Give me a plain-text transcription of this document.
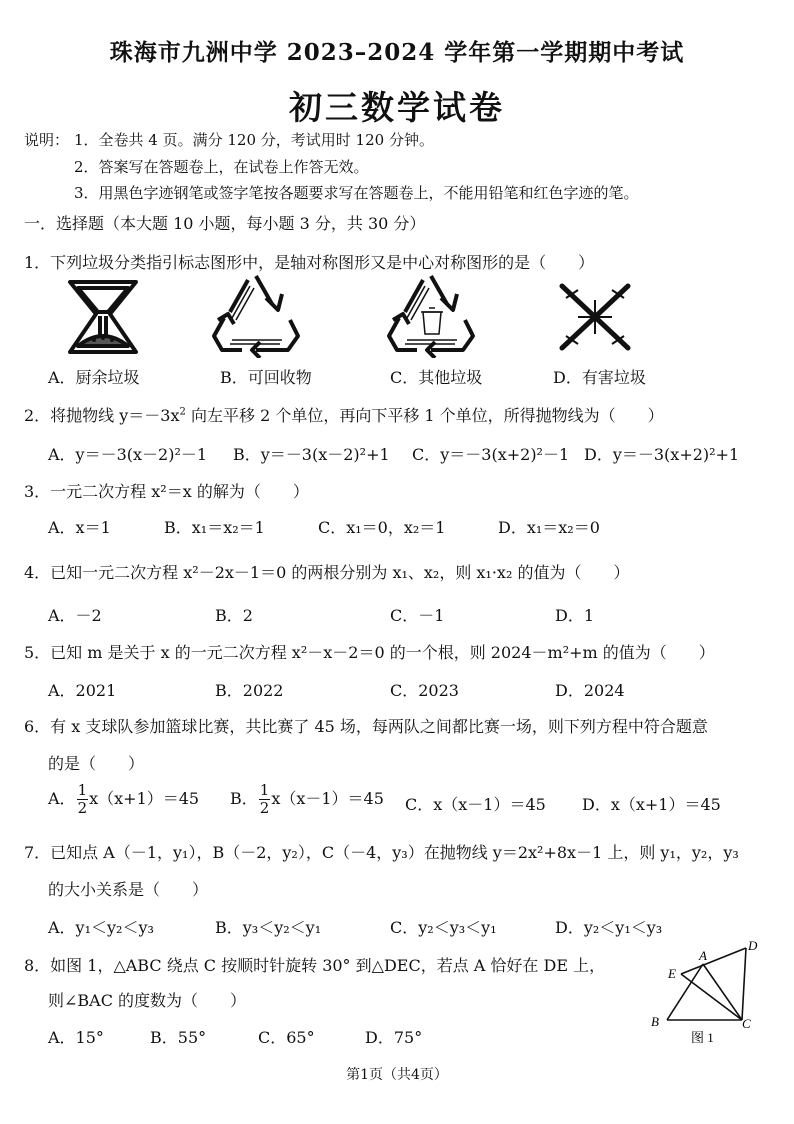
珠海市九洲中学 2023–2024 学年第一学期期中考试
初三数学试卷
说明： 1．全卷共 4 页。满分 120 分，考试用时 120 分钟。
2．答案写在答题卷上，在试卷上作答无效。
3．用黑色字迹钢笔或签字笔按各题要求写在答题卷上，不能用铅笔和红色字迹的笔。
一．选择题（本大题 10 小题，每小题 3 分，共 30 分）
1．下列垃圾分类指引标志图形中，是轴对称图形又是中心对称图形的是（　　）
A．厨余垃圾	B．可回收物	C．其他垃圾	D．有害垃圾
2．将抛物线 $y=-3x^2$ 向左平移 2 个单位，再向下平移 1 个单位，所得抛物线为（　　）
A．y＝－3(x－2)²－1 B．y＝－3(x－2)²+1 C．y＝－3(x+2)²－1 D．y＝－3(x+2)²+1
3．一元二次方程 x²＝x 的解为（　　）
A．x＝1	B．x₁＝x₂＝1	C．x₁＝0，x₂＝1	D．x₁＝x₂＝0
4．已知一元二次方程 x²－2x－1＝0 的两根分别为 x₁、x₂，则 x₁·x₂ 的值为（　　）
A．－2	B．2	C．－1	D．1
5．已知 m 是关于 x 的一元二次方程 x²－x－2＝0 的一个根，则 2024－m²+m 的值为（　　）
A．2021	B．2022	C．2023	D．2024
6．有 x 支球队参加篮球比赛，共比赛了 45 场，每两队之间都比赛一场，则下列方程中符合题意
的是（　　）
A． $\frac{1}{2} x(x+1)=45$ B． $\frac{1}{2} x(x-1)=45$ C．x（x－1）＝45 D．x（x+1）＝45
7．已知点 A（－1，y₁），B（－2，y₂），C（－4，y₃）在抛物线 y＝2x²+8x－1 上，则 y₁，y₂，y₃
的大小关系是（　　）
A．y₁＜y₂＜y₃	B．y₃＜y₂＜y₁	C．y₂＜y₃＜y₁	D．y₂＜y₁＜y₃
8．如图 1，△ABC 绕点 C 按顺时针旋转 30° 到△DEC，若点 A 恰好在 DE 上，
则∠BAC 的度数为（　　）
A．15°	B．55°	C．65°	D．75°
A
D
E
B	C
图 1
第1页（共4页）
